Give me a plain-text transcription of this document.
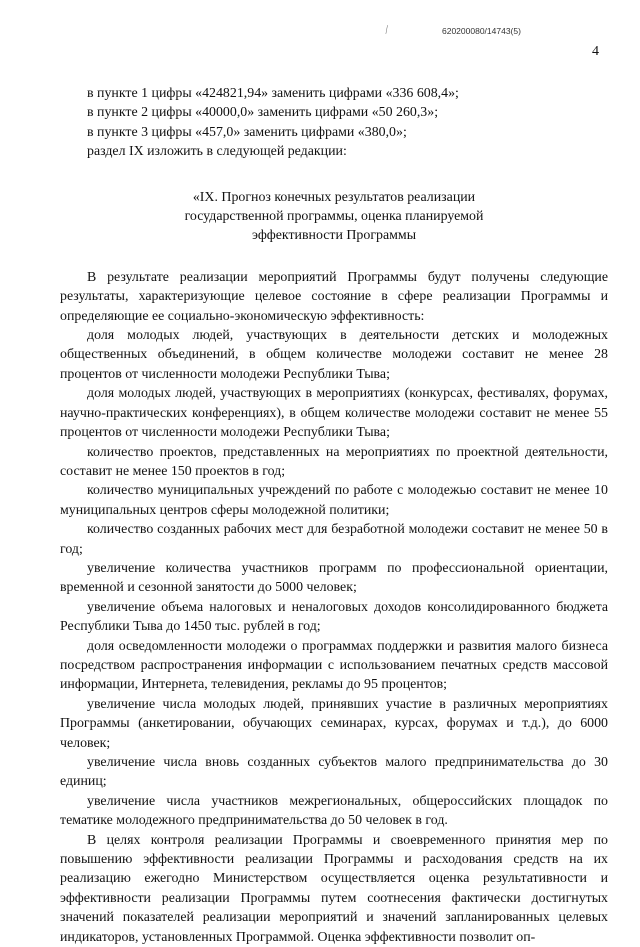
⁄	620200080/14743(5)
4

в пункте 1 цифры «424821,94» заменить цифрами «336 608,4»;

в пункте 2 цифры «40000,0» заменить цифрами «50 260,3»;

в пункте 3 цифры «457,0» заменить цифрами «380,0»;

раздел IX изложить в следующей редакции:

«IX. Прогноз конечных результатов реализации
государственной программы, оценка планируемой
эффективности Программы

В результате реализации мероприятий Программы будут получены следующие результаты, характеризующие целевое состояние в сфере реализации Программы и определяющие ее социально-экономическую эффективность:

доля молодых людей, участвующих в деятельности детских и молодежных общественных объединений, в общем количестве молодежи составит не менее 28 процентов от численности молодежи Республики Тыва;

доля молодых людей, участвующих в мероприятиях (конкурсах, фестивалях, форумах, научно-практических конференциях), в общем количестве молодежи составит не менее 55 процентов от численности молодежи Республики Тыва;

количество проектов, представленных на мероприятиях по проектной деятельности, составит не менее 150 проектов в год;

количество муниципальных учреждений по работе с молодежью составит не менее 10 муниципальных центров сферы молодежной политики;

количество созданных рабочих мест для безработной молодежи составит не менее 50 в год;

увеличение количества участников программ по профессиональной ориентации, временной и сезонной занятости до 5000 человек;

увеличение объема налоговых и неналоговых доходов консолидированного бюджета Республики Тыва до 1450 тыс. рублей в год;

доля осведомленности молодежи о программах поддержки и развития малого бизнеса посредством распространения информации с использованием печатных средств массовой информации, Интернета, телевидения, рекламы до 95 процентов;

увеличение числа молодых людей, принявших участие в различных мероприятиях Программы (анкетировании, обучающих семинарах, курсах, форумах и т.д.), до 6000 человек;

увеличение числа вновь созданных субъектов малого предпринимательства до 30 единиц;

увеличение числа участников межрегиональных, общероссийских площадок по тематике молодежного предпринимательства до 50 человек в год.

В целях контроля реализации Программы и своевременного принятия мер по повышению эффективности реализации Программы и расходования средств на их реализацию ежегодно Министерством осуществляется оценка результативности и эффективности реализации Программы путем соотнесения фактически достигнутых значений показателей реализации мероприятий и значений запланированных целевых индикаторов, установленных Программой. Оценка эффективности позволит оп-
